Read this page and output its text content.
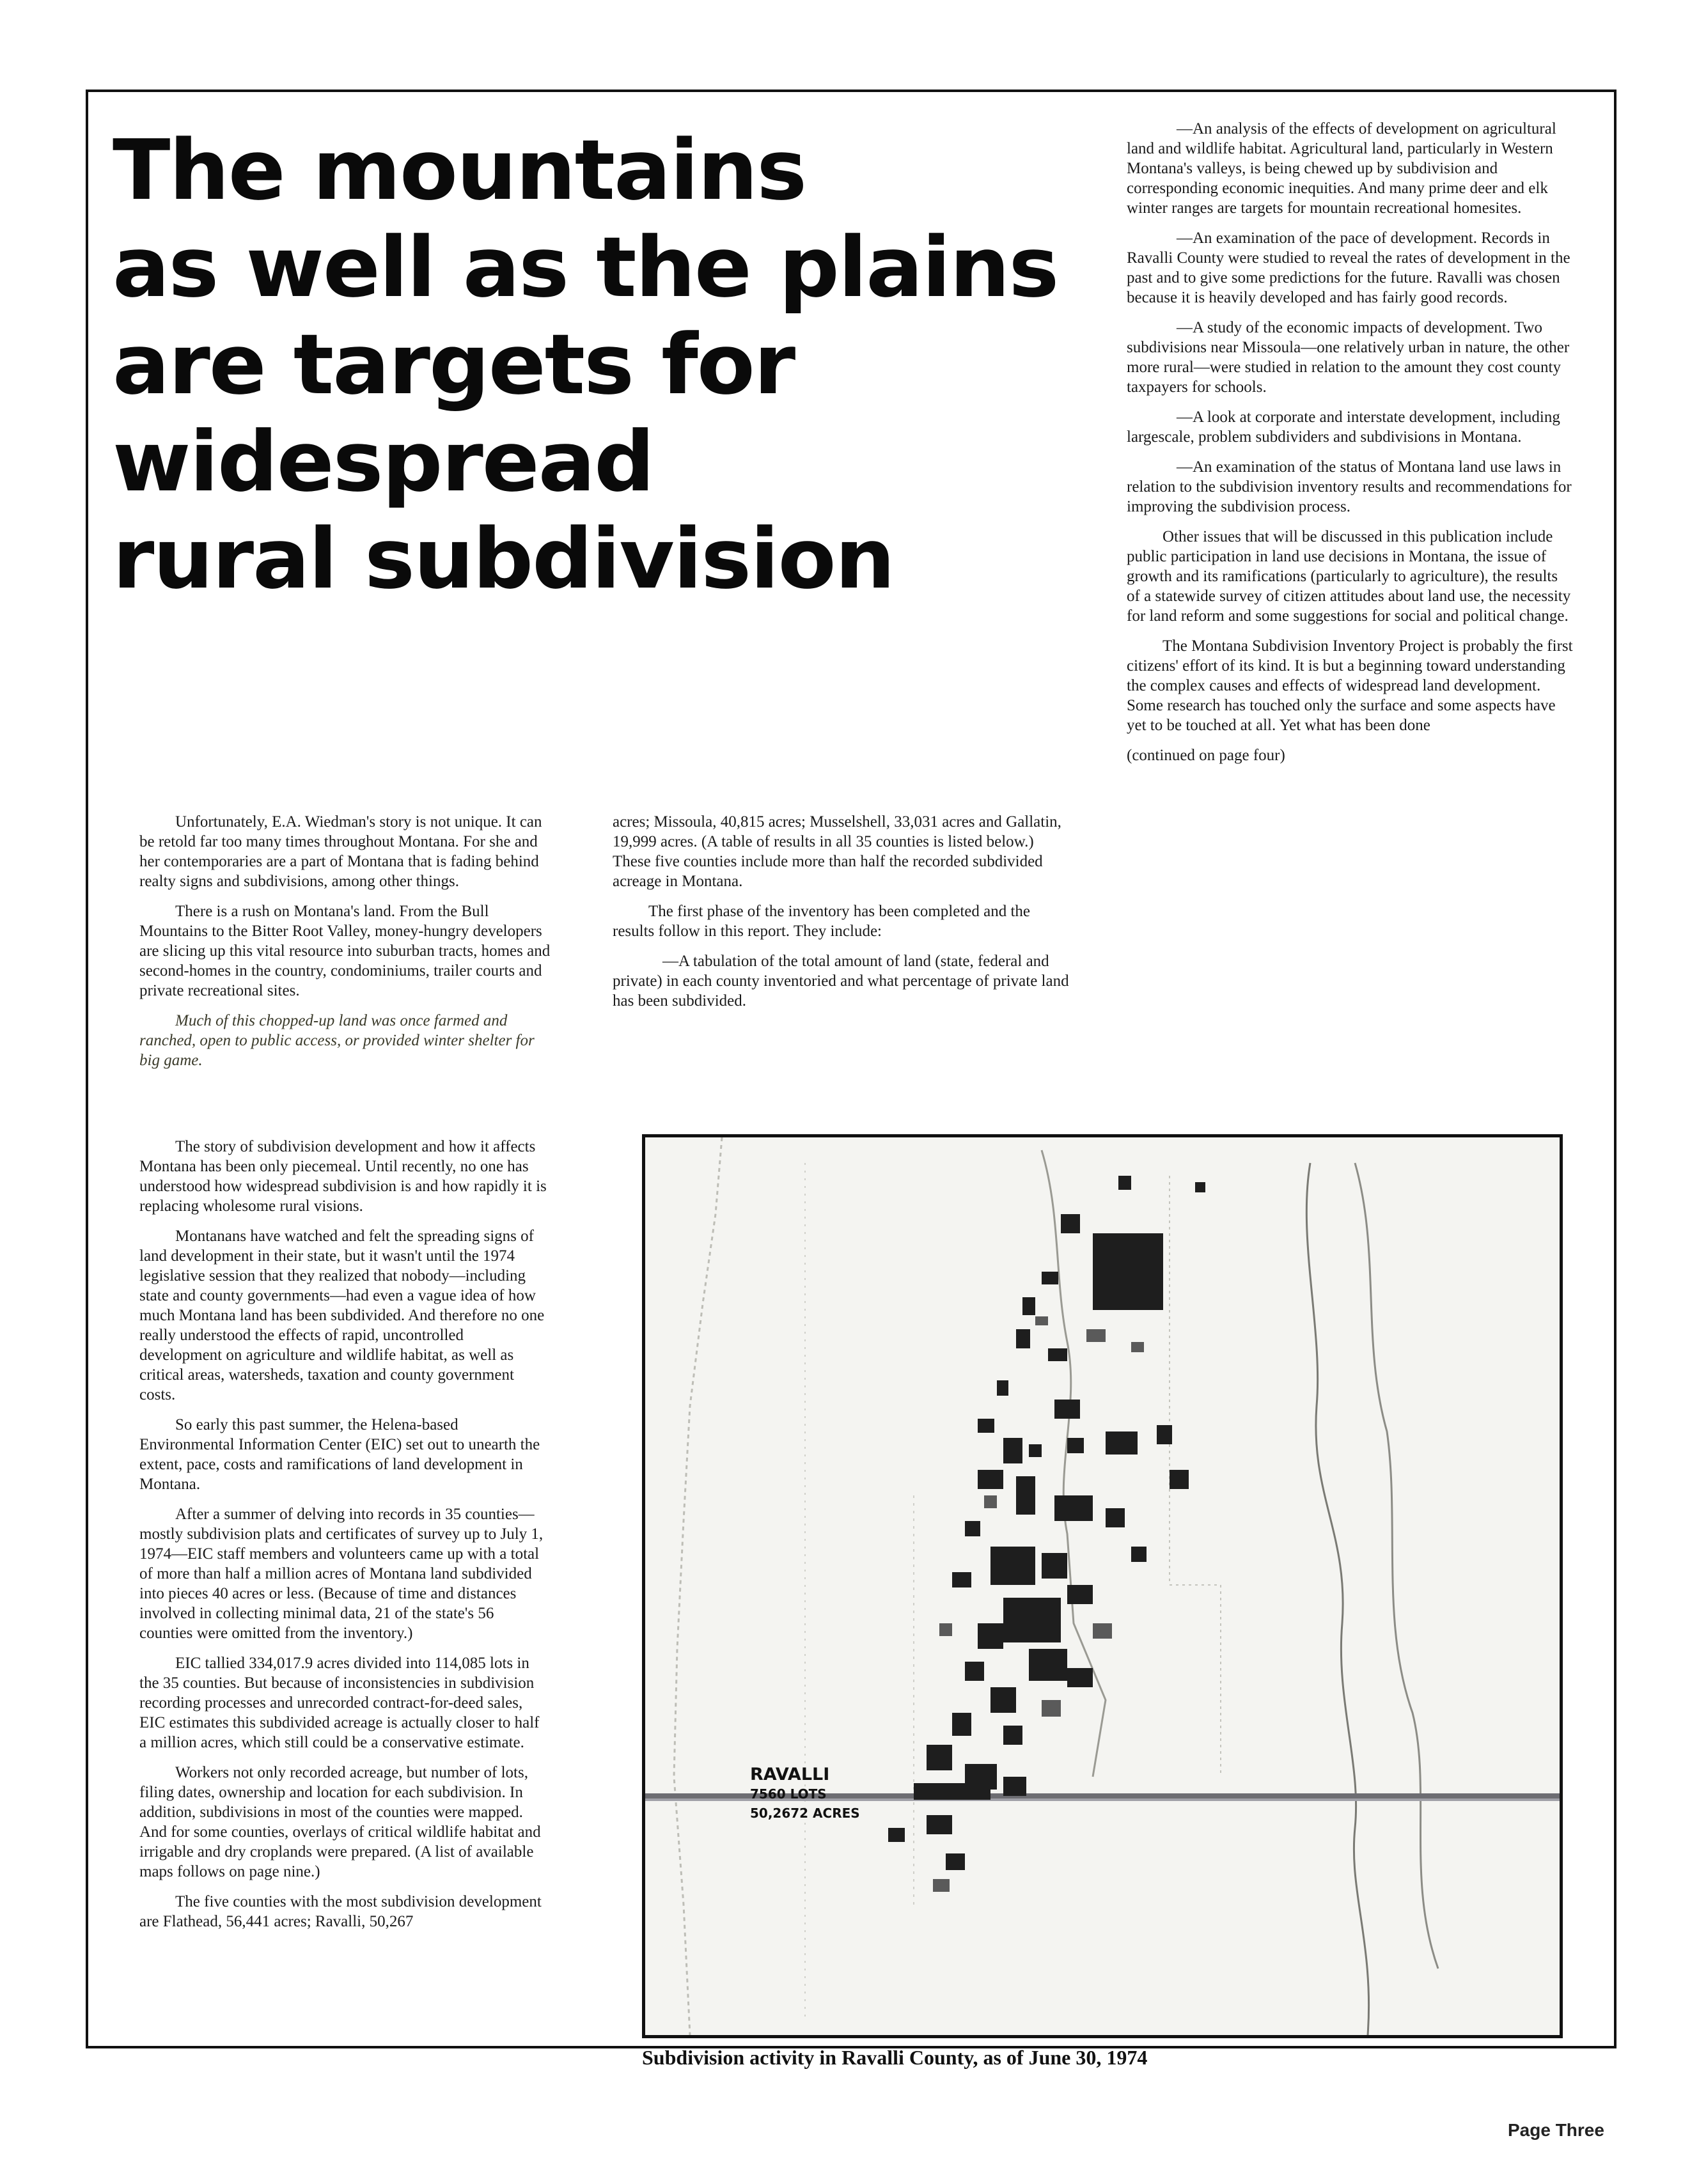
The mountains
as well as the plains
are targets for
widespread
rural subdivision

Unfortunately, E.A. Wiedman's story is not unique. It can be retold far too many times throughout Montana. For she and her contemporaries are a part of Montana that is fading behind realty signs and subdivisions, among other things.

There is a rush on Montana's land. From the Bull Mountains to the Bitter Root Valley, money-hungry developers are slicing up this vital resource into suburban tracts, homes and second-homes in the country, condominiums, trailer courts and private recreational sites.

Much of this chopped-up land was once farmed and ranched, open to public access, or provided winter shelter for big game.

The story of subdivision development and how it affects Montana has been only piecemeal. Until recently, no one has understood how widespread subdivision is and how rapidly it is replacing wholesome rural visions.

Montanans have watched and felt the spreading signs of land development in their state, but it wasn't until the 1974 legislative session that they realized that nobody—including state and county governments—had even a vague idea of how much Montana land has been subdivided. And therefore no one really understood the effects of rapid, uncontrolled development on agriculture and wildlife habitat, as well as critical areas, watersheds, taxation and county government costs.

So early this past summer, the Helena-based Environmental Information Center (EIC) set out to unearth the extent, pace, costs and ramifications of land development in Montana.

After a summer of delving into records in 35 counties—mostly subdivision plats and certificates of survey up to July 1, 1974—EIC staff members and volunteers came up with a total of more than half a million acres of Montana land subdivided into pieces 40 acres or less. (Because of time and distances involved in collecting minimal data, 21 of the state's 56 counties were omitted from the inventory.)

EIC tallied 334,017.9 acres divided into 114,085 lots in the 35 counties. But because of inconsistencies in subdivision recording processes and unrecorded contract-for-deed sales, EIC estimates this subdivided acreage is actually closer to half a million acres, which still could be a conservative estimate.

Workers not only recorded acreage, but number of lots, filing dates, ownership and location for each subdivision. In addition, subdivisions in most of the counties were mapped. And for some counties, overlays of critical wildlife habitat and irrigable and dry croplands were prepared. (A list of available maps follows on page nine.)

The five counties with the most subdivision development are Flathead, 56,441 acres; Ravalli, 50,267

acres; Missoula, 40,815 acres; Musselshell, 33,031 acres and Gallatin, 19,999 acres. (A table of results in all 35 counties is listed below.) These five counties include more than half the recorded subdivided acreage in Montana.

The first phase of the inventory has been completed and the results follow in this report. They include:

—A tabulation of the total amount of land (state, federal and private) in each county inventoried and what percentage of private land has been subdivided.

—An analysis of the effects of development on agricultural land and wildlife habitat. Agricultural land, particularly in Western Montana's valleys, is being chewed up by subdivision and corresponding economic inequities. And many prime deer and elk winter ranges are targets for mountain recreational homesites.

—An examination of the pace of development. Records in Ravalli County were studied to reveal the rates of development in the past and to give some predictions for the future. Ravalli was chosen because it is heavily developed and has fairly good records.

—A study of the economic impacts of development. Two subdivisions near Missoula—one relatively urban in nature, the other more rural—were studied in relation to the amount they cost county taxpayers for schools.

—A look at corporate and interstate development, including largescale, problem subdividers and subdivisions in Montana.

—An examination of the status of Montana land use laws in relation to the subdivision inventory results and recommendations for improving the subdivision process.

Other issues that will be discussed in this publication include public participation in land use decisions in Montana, the issue of growth and its ramifications (particularly to agriculture), the results of a statewide survey of citizen attitudes about land use, the necessity for land reform and some suggestions for social and political change.

The Montana Subdivision Inventory Project is probably the first citizens' effort of its kind. It is but a beginning toward understanding the complex causes and effects of widespread land development. Some research has touched only the surface and some aspects have yet to be touched at all. Yet what has been done

(continued on page four)

RAVALLI
7560 LOTS
50,2672 ACRES
Subdivision activity in Ravalli County, as of June 30, 1974
Page Three
